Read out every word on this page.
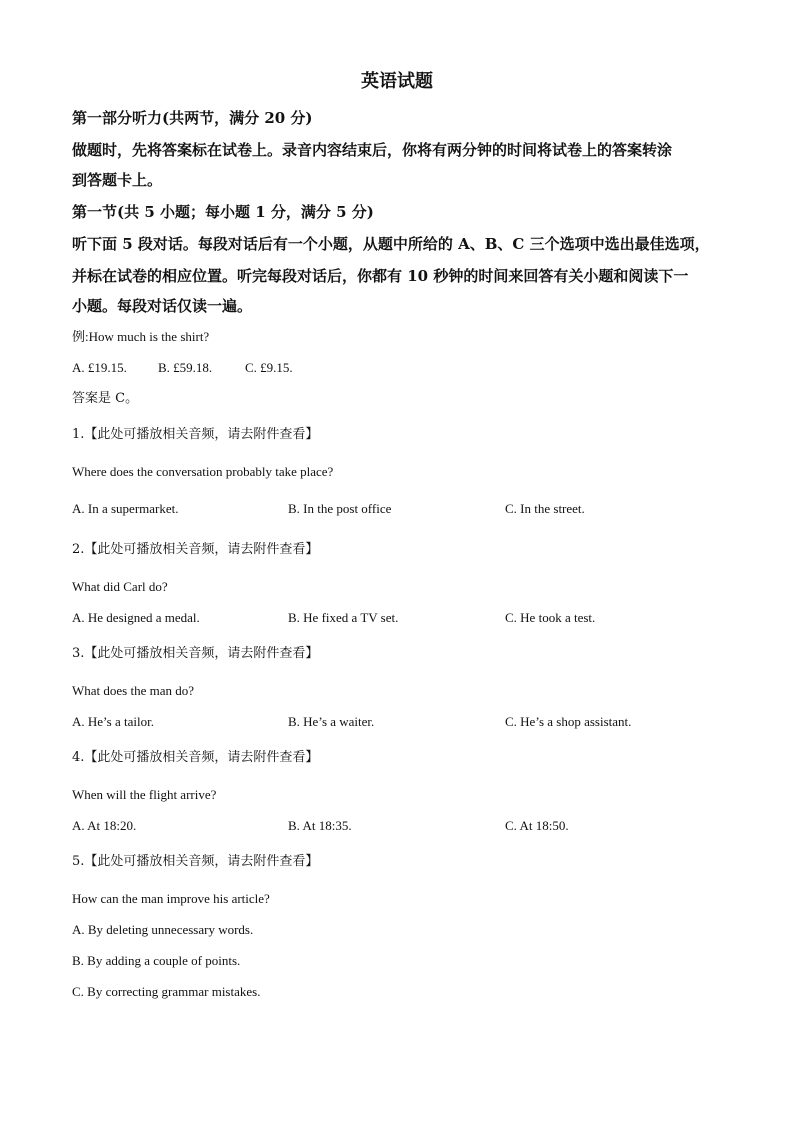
英语试题
第一部分听力(共两节，满分 20 分)
做题时，先将答案标在试卷上。录音内容结束后，你将有两分钟的时间将试卷上的答案转涂
到答题卡上。
第一节(共 5 小题；每小题 1 分，满分 5 分)
听下面 5 段对话。每段对话后有一个小题，从题中所给的 A、B、C 三个选项中选出最佳选项，
并标在试卷的相应位置。听完每段对话后，你都有 10 秒钟的时间来回答有关小题和阅读下一
小题。每段对话仅读一遍。
例:How much is the shirt?
A. £19.15. B. £59.18.	C. £9.15.
答案是 C。
1.【此处可播放相关音频，请去附件查看】
Where does the conversation probably take place?
A. In a supermarket.	B. In the post office	C. In the street.
2.【此处可播放相关音频，请去附件查看】
What did Carl do?
A. He designed a medal.	B. He fixed a TV set.	C. He took a test.
3.【此处可播放相关音频，请去附件查看】
What does the man do?
A. He’s a tailor.	B. He’s a waiter.	C. He’s a shop assistant.
4.【此处可播放相关音频，请去附件查看】
When will the flight arrive?
A. At 18:20.	B. At 18:35.	C. At 18:50.
5.【此处可播放相关音频，请去附件查看】
How can the man improve his article?
A. By deleting unnecessary words.
B. By adding a couple of points.
C. By correcting grammar mistakes.
